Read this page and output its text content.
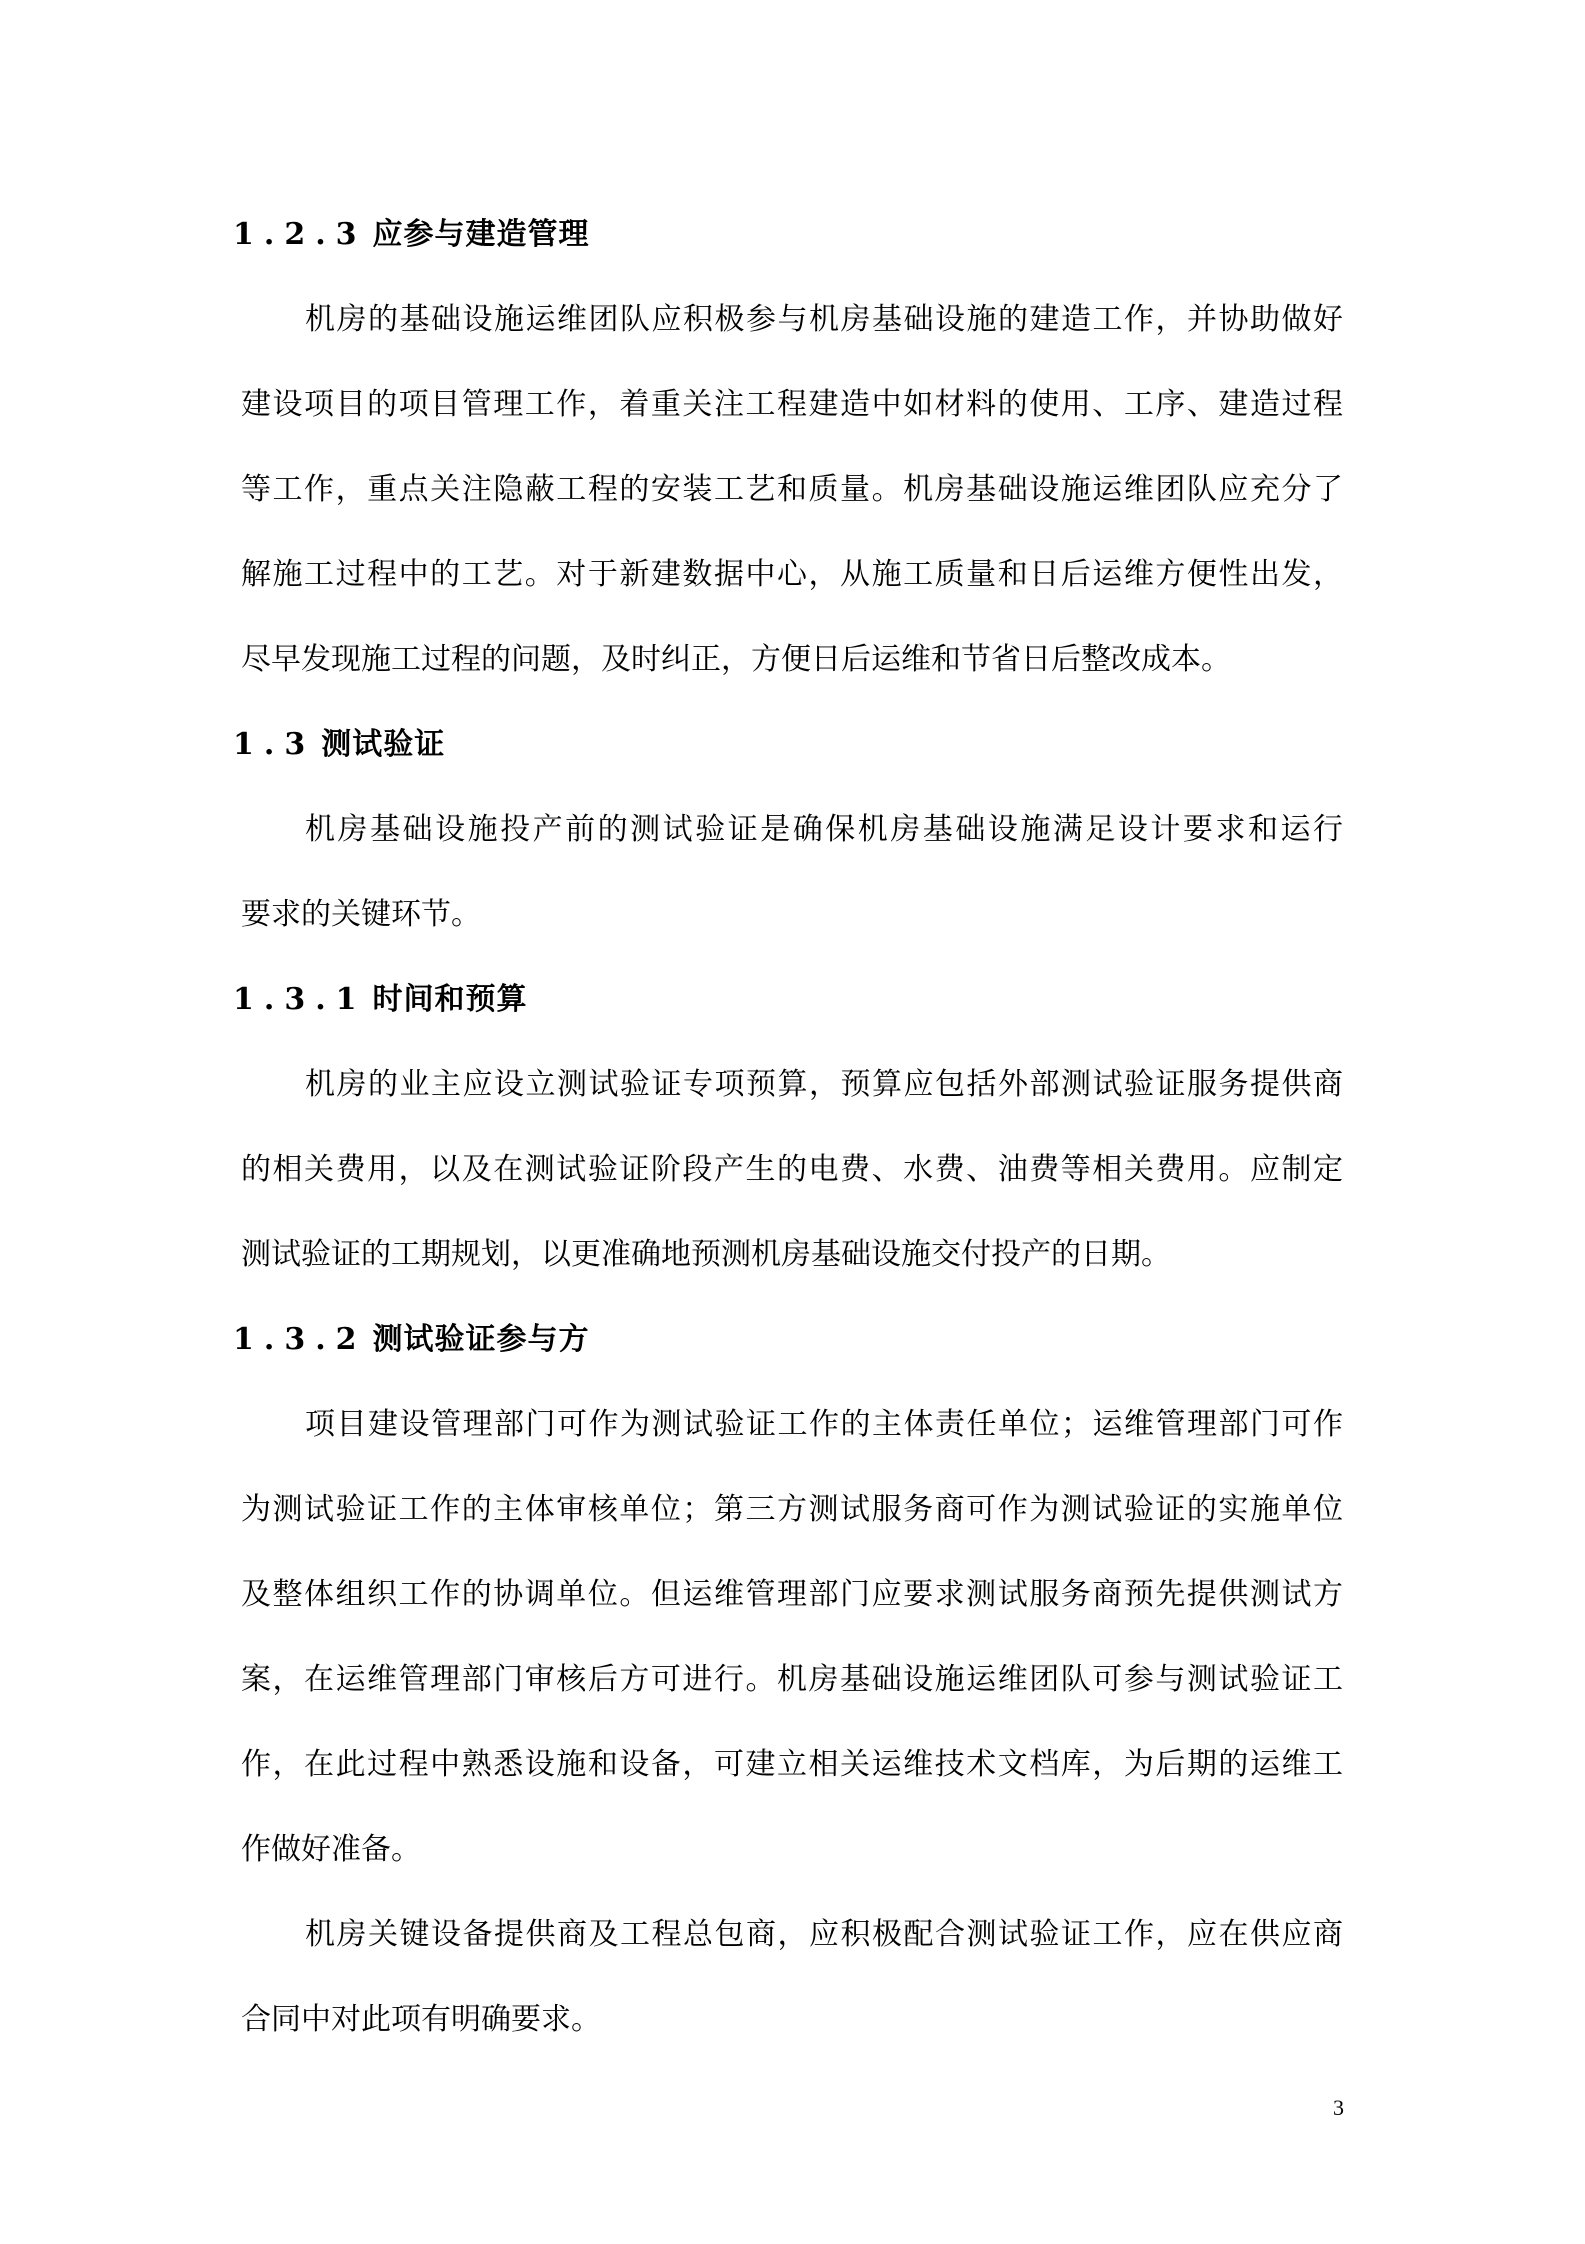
1.2.3 应参与建造管理
机房的基础设施运维团队应积极参与机房基础设施的建造工作，并协助做好
建设项目的项目管理工作，着重关注工程建造中如材料的使用、工序、建造过程
等工作，重点关注隐蔽工程的安装工艺和质量。机房基础设施运维团队应充分了
解施工过程中的工艺。对于新建数据中心，从施工质量和日后运维方便性出发，
尽早发现施工过程的问题，及时纠正，方便日后运维和节省日后整改成本。
1.3 测试验证
机房基础设施投产前的测试验证是确保机房基础设施满足设计要求和运行
要求的关键环节。
1.3.1 时间和预算
机房的业主应设立测试验证专项预算，预算应包括外部测试验证服务提供商
的相关费用，以及在测试验证阶段产生的电费、水费、油费等相关费用。应制定
测试验证的工期规划，以更准确地预测机房基础设施交付投产的日期。
1.3.2 测试验证参与方
项目建设管理部门可作为测试验证工作的主体责任单位；运维管理部门可作
为测试验证工作的主体审核单位；第三方测试服务商可作为测试验证的实施单位
及整体组织工作的协调单位。但运维管理部门应要求测试服务商预先提供测试方
案，在运维管理部门审核后方可进行。机房基础设施运维团队可参与测试验证工
作，在此过程中熟悉设施和设备，可建立相关运维技术文档库，为后期的运维工
作做好准备。
机房关键设备提供商及工程总包商，应积极配合测试验证工作，应在供应商
合同中对此项有明确要求。
3
